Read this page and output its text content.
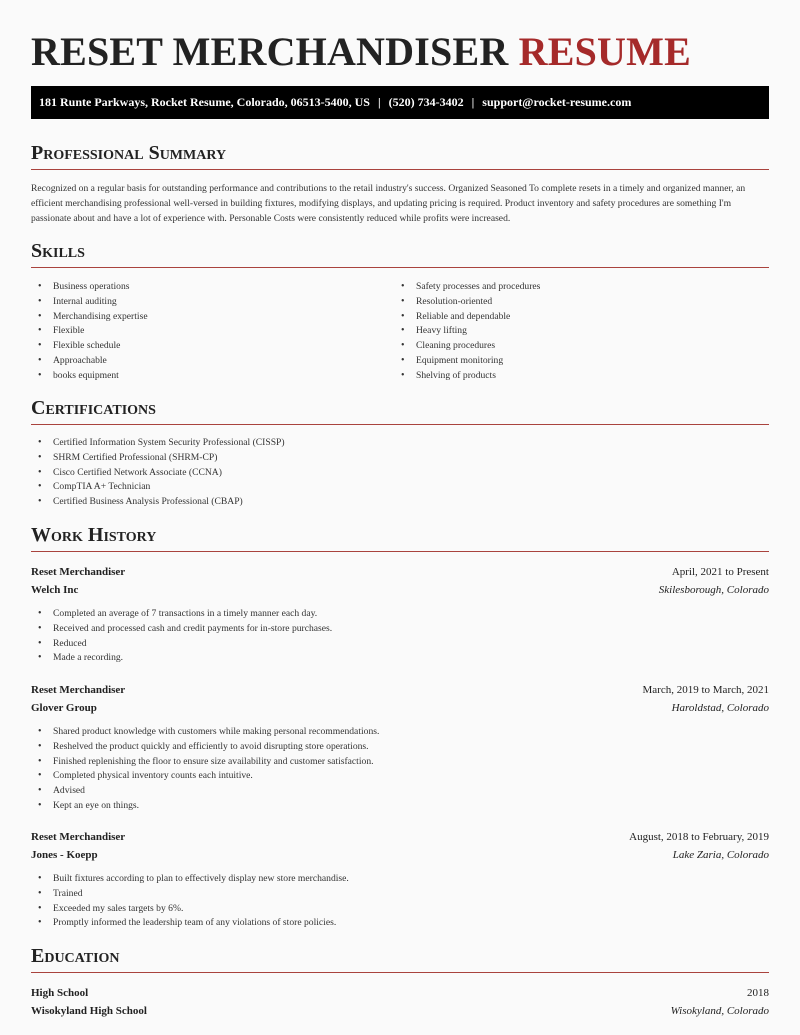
RESET MERCHANDISER RESUME
181 Runte Parkways, Rocket Resume, Colorado, 06513-5400, US | (520) 734-3402 | support@rocket-resume.com
Professional Summary
Recognized on a regular basis for outstanding performance and contributions to the retail industry's success. Organized Seasoned To complete resets in a timely and organized manner, an efficient merchandising professional well-versed in building fixtures, modifying displays, and updating pricing is required. Product inventory and safety procedures are something I'm passionate about and have a lot of experience with. Personable Costs were consistently reduced while profits were increased.
Skills
• Business operations
• Internal auditing
• Merchandising expertise
• Flexible
• Flexible schedule
• Approachable
• books equipment
• Safety processes and procedures
• Resolution-oriented
• Reliable and dependable
• Heavy lifting
• Cleaning procedures
• Equipment monitoring
• Shelving of products
Certifications
• Certified Information System Security Professional (CISSP)
• SHRM Certified Professional (SHRM-CP)
• Cisco Certified Network Associate (CCNA)
• CompTIA A+ Technician
• Certified Business Analysis Professional (CBAP)
Work History
Reset Merchandiser	April, 2021 to Present
Welch Inc	Skilesborough, Colorado
• Completed an average of 7 transactions in a timely manner each day.
• Received and processed cash and credit payments for in-store purchases.
• Reduced
• Made a recording.
Reset Merchandiser	March, 2019 to March, 2021
Glover Group	Haroldstad, Colorado
• Shared product knowledge with customers while making personal recommendations.
• Reshelved the product quickly and efficiently to avoid disrupting store operations.
• Finished replenishing the floor to ensure size availability and customer satisfaction.
• Completed physical inventory counts each intuitive.
• Advised
• Kept an eye on things.
Reset Merchandiser	August, 2018 to February, 2019
Jones - Koepp	Lake Zaria, Colorado
• Built fixtures according to plan to effectively display new store merchandise.
• Trained
• Exceeded my sales targets by 6%.
• Promptly informed the leadership team of any violations of store policies.
Education
High School	2018
Wisokyland High School	Wisokyland, Colorado
